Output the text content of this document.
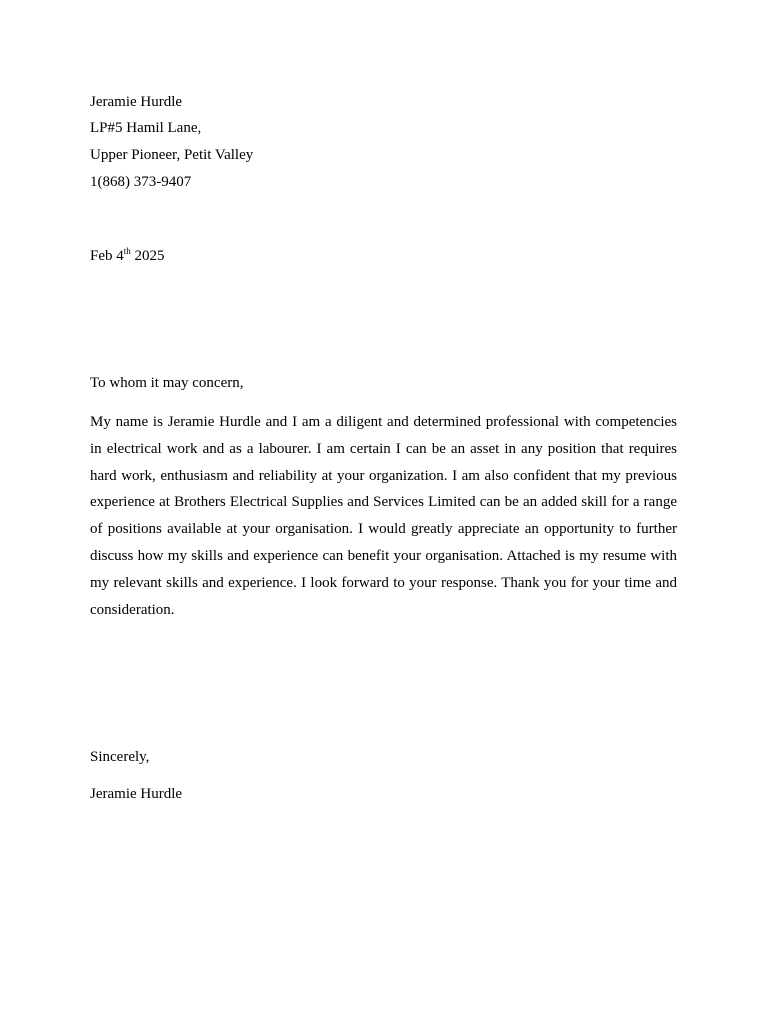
Jeramie Hurdle
LP#5 Hamil Lane,
Upper Pioneer, Petit Valley
1(868) 373-9407
Feb 4th 2025
To whom it may concern,
My name is Jeramie Hurdle and I am a diligent and determined professional with competencies in electrical work and as a labourer. I am certain I can be an asset in any position that requires hard work, enthusiasm and reliability at your organization. I am also confident that my previous experience at Brothers Electrical Supplies and Services Limited can be an added skill for a range of positions available at your organisation. I would greatly appreciate an opportunity to further discuss how my skills and experience can benefit your organisation. Attached is my resume with my relevant skills and experience. I look forward to your response. Thank you for your time and consideration.
Sincerely,
Jeramie Hurdle
